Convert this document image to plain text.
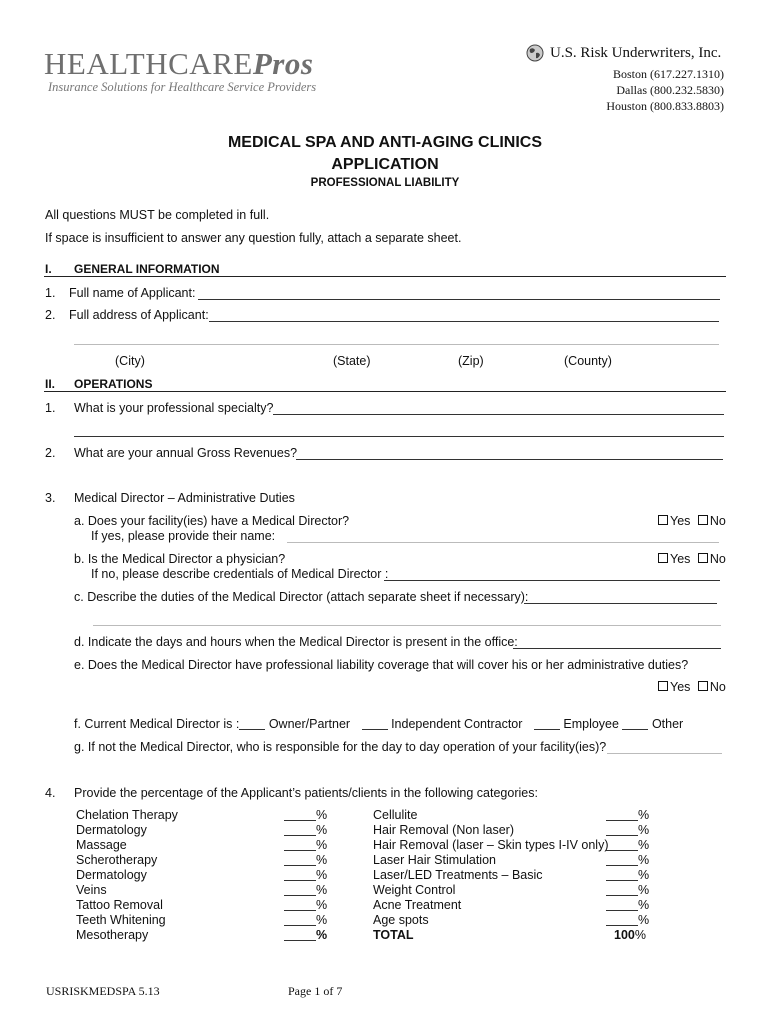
HEALTHCAREPros
Insurance Solutions for Healthcare Service Providers
U.S. Risk Underwriters, Inc.
Boston (617.227.1310)
Dallas (800.232.5830)
Houston (800.833.8803)
MEDICAL SPA AND ANTI-AGING CLINICS
APPLICATION
PROFESSIONAL LIABILITY
All questions MUST be completed in full.
If space is insufficient to answer any question fully, attach a separate sheet.
I. GENERAL INFORMATION
1. Full name of Applicant:
2. Full address of Applicant:
(City)	(State)	(Zip)	(County)
II. OPERATIONS
1. What is your professional specialty?
2. What are your annual Gross Revenues?
3. Medical Director – Administrative Duties
a. Does your facility(ies) have a Medical Director?	Yes No
If yes, please provide their name:
b. Is the Medical Director a physician?	Yes No
If no, please describe credentials of Medical Director :
c. Describe the duties of the Medical Director (attach separate sheet if necessary):
d. Indicate the days and hours when the Medical Director is present in the office:
e. Does the Medical Director have professional liability coverage that will cover his or her administrative duties?
Yes No
f. Current Medical Director is : Owner/Partner	Independent Contractor	Employee	Other
g. If not the Medical Director, who is responsible for the day to day operation of your facility(ies)?
4. Provide the percentage of the Applicant’s patients/clients in the following categories:
Chelation Therapy	%
Dermatology	%
Massage	%
Scherotherapy	%
Dermatology	%
Veins	%
Tattoo Removal	%
Teeth Whitening	%
Mesotherapy	%
Cellulite	%
Hair Removal (Non laser)	%
Hair Removal (laser – Skin types I-IV only)	%
Laser Hair Stimulation	%
Laser/LED Treatments – Basic	%
Weight Control	%
Acne Treatment	%
Age spots	%
TOTAL	100%
USRISKMEDSPA 5.13	Page 1 of 7
